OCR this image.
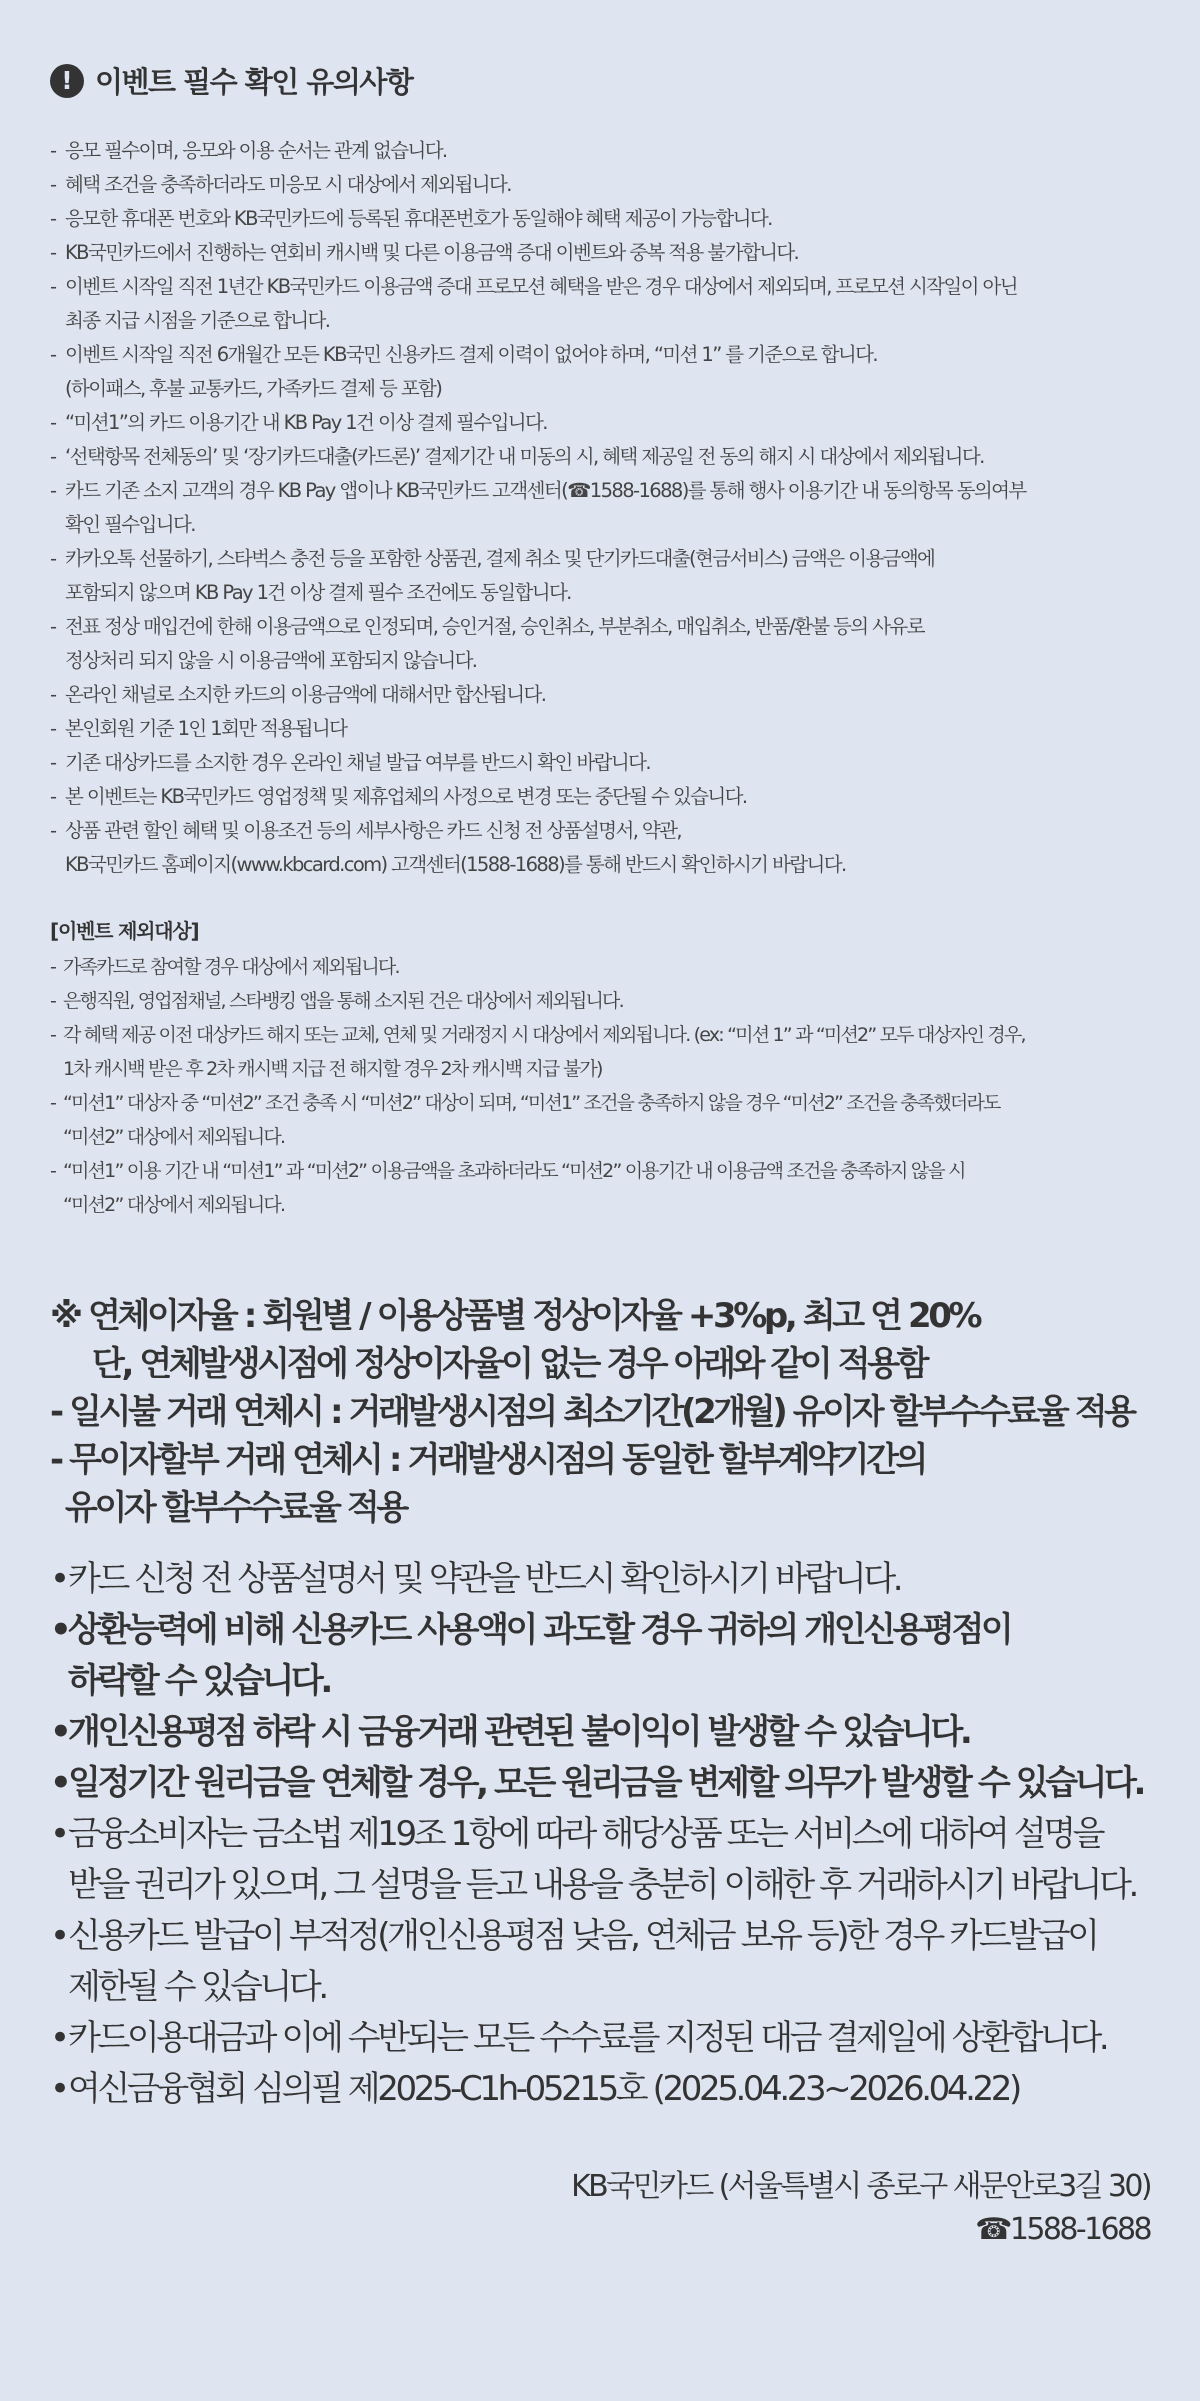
! 이벤트 필수 확인 유의사항
- 응모 필수이며, 응모와 이용 순서는 관계 없습니다.
- 혜택 조건을 충족하더라도 미응모 시 대상에서 제외됩니다.
- 응모한 휴대폰 번호와 KB국민카드에 등록된 휴대폰번호가 동일해야 혜택 제공이 가능합니다.
- KB국민카드에서 진행하는 연회비 캐시백 및 다른 이용금액 증대 이벤트와 중복 적용 불가합니다.
- 이벤트 시작일 직전 1년간 KB국민카드 이용금액 증대 프로모션 혜택을 받은 경우 대상에서 제외되며, 프로모션 시작일이 아닌
최종 지급 시점을 기준으로 합니다.
- 이벤트 시작일 직전 6개월간 모든 KB국민 신용카드 결제 이력이 없어야 하며, “미션 1” 를 기준으로 합니다.
(하이패스, 후불 교통카드, 가족카드 결제 등 포함)
- “미션1”의 카드 이용기간 내 KB Pay 1건 이상 결제 필수입니다.
- ‘선택항목 전체동의’ 및 ‘장기카드대출(카드론)’ 결제기간 내 미동의 시, 혜택 제공일 전 동의 해지 시 대상에서 제외됩니다.
- 카드 기존 소지 고객의 경우 KB Pay 앱이나 KB국민카드 고객센터(☎1588-1688)를 통해 행사 이용기간 내 동의항목 동의여부
확인 필수입니다.
- 카카오톡 선물하기, 스타벅스 충전 등을 포함한 상품권, 결제 취소 및 단기카드대출(현금서비스) 금액은 이용금액에
포함되지 않으며 KB Pay 1건 이상 결제 필수 조건에도 동일합니다.
- 전표 정상 매입건에 한해 이용금액으로 인정되며, 승인거절, 승인취소, 부분취소, 매입취소, 반품/환불 등의 사유로
정상처리 되지 않을 시 이용금액에 포함되지 않습니다.
- 온라인 채널로 소지한 카드의 이용금액에 대해서만 합산됩니다.
- 본인회원 기준 1인 1회만 적용됩니다
- 기존 대상카드를 소지한 경우 온라인 채널 발급 여부를 반드시 확인 바랍니다.
- 본 이벤트는 KB국민카드 영업정책 및 제휴업체의 사정으로 변경 또는 중단될 수 있습니다.
- 상품 관련 할인 혜택 및 이용조건 등의 세부사항은 카드 신청 전 상품설명서, 약관,
KB국민카드 홈페이지(www.kbcard.com) 고객센터(1588-1688)를 통해 반드시 확인하시기 바랍니다.
[이벤트 제외대상]
- 가족카드로 참여할 경우 대상에서 제외됩니다.
- 은행직원, 영업점채널, 스타뱅킹 앱을 통해 소지된 건은 대상에서 제외됩니다.
- 각 혜택 제공 이전 대상카드 해지 또는 교체, 연체 및 거래정지 시 대상에서 제외됩니다. (ex: “미션 1” 과 “미션2” 모두 대상자인 경우,
1차 캐시백 받은 후 2차 캐시백 지급 전 해지할 경우 2차 캐시백 지급 불가)
- “미션1” 대상자 중 “미션2” 조건 충족 시 “미션2” 대상이 되며, “미션1” 조건을 충족하지 않을 경우 “미션2” 조건을 충족했더라도
“미션2” 대상에서 제외됩니다.
- “미션1” 이용 기간 내 “미션1” 과 “미션2” 이용금액을 초과하더라도 “미션2” 이용기간 내 이용금액 조건을 충족하지 않을 시
“미션2” 대상에서 제외됩니다.
※ 연체이자율 : 회원별 / 이용상품별 정상이자율 +3%p, 최고 연 20%
단, 연체발생시점에 정상이자율이 없는 경우 아래와 같이 적용함
- 일시불 거래 연체시 : 거래발생시점의 최소기간(2개월) 유이자 할부수수료율 적용
- 무이자할부 거래 연체시 : 거래발생시점의 동일한 할부계약기간의
유이자 할부수수료율 적용
• 카드 신청 전 상품설명서 및 약관을 반드시 확인하시기 바랍니다.
• 상환능력에 비해 신용카드 사용액이 과도할 경우 귀하의 개인신용평점이
하락할 수 있습니다.
• 개인신용평점 하락 시 금융거래 관련된 불이익이 발생할 수 있습니다.
• 일정기간 원리금을 연체할 경우, 모든 원리금을 변제할 의무가 발생할 수 있습니다.
• 금융소비자는 금소법 제19조 1항에 따라 해당상품 또는 서비스에 대하여 설명을
받을 권리가 있으며, 그 설명을 듣고 내용을 충분히 이해한 후 거래하시기 바랍니다.
• 신용카드 발급이 부적정(개인신용평점 낮음, 연체금 보유 등)한 경우 카드발급이
제한될 수 있습니다.
• 카드이용대금과 이에 수반되는 모든 수수료를 지정된 대금 결제일에 상환합니다.
• 여신금융협회 심의필 제2025-C1h-05215호 (2025.04.23~2026.04.22)
KB국민카드 (서울특별시 종로구 새문안로3길 30)
☎1588-1688
